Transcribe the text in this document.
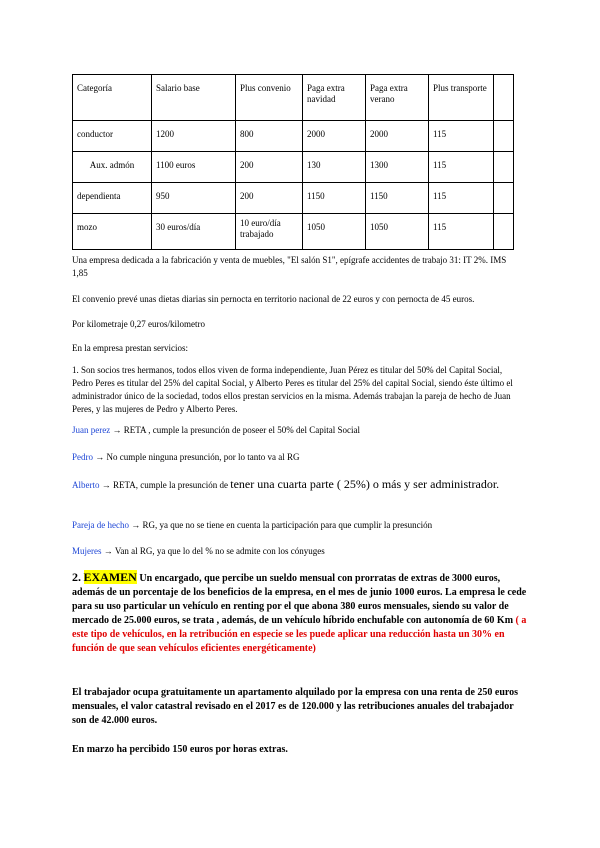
Categoría	Salario base	Plus convenio	Paga extra navidad	Paga extra verano	Plus transporte	
conductor	1200	800	2000	2000	115	
Aux. admón	1100 euros	200	130	1300	115	
dependienta	950	200	1150	1150	115	
mozo	30 euros/día	10 euro/día trabajado	1050	1050	115	
Una empresa dedicada a la fabricación y venta de muebles, "El salón S1", epígrafe accidentes de trabajo 31: IT 2%. IMS 1,85
El convenio prevé unas dietas diarias sin pernocta en territorio nacional de 22 euros y con pernocta de 45 euros.
Por kilometraje 0,27 euros/kilometro
En la empresa prestan servicios:
1. Son socios tres hermanos, todos ellos viven de forma independiente, Juan Pérez es titular del 50% del Capital Social, Pedro Peres es titular del 25% del capital Social, y Alberto Peres es titular del 25% del capital Social, siendo éste último el administrador único de la sociedad, todos ellos prestan servicios en la misma. Además trabajan la pareja de hecho de Juan Peres, y las mujeres de Pedro y Alberto Peres.
Juan perez → RETA , cumple la presunción de poseer el 50% del Capital Social
Pedro → No cumple ninguna presunción, por lo tanto va al RG
Alberto → RETA, cumple la presunción de tener una cuarta parte ( 25%) o más y ser administrador.
Pareja de hecho → RG, ya que no se tiene en cuenta la participación para que cumplir la presunción
Mujeres → Van al RG, ya que lo del % no se admite con los cónyuges
2. EXAMEN Un encargado, que percibe un sueldo mensual con prorratas de extras de 3000 euros, además de un porcentaje de los beneficios de la empresa, en el mes de junio 1000 euros. La empresa le cede para su uso particular un vehículo en renting por el que abona 380 euros mensuales, siendo su valor de mercado de 25.000 euros, se trata , además, de un vehículo híbrido enchufable con autonomía de 60 Km ( a este tipo de vehículos, en la retribución en especie se les puede aplicar una reducción hasta un 30% en función de que sean vehículos eficientes energéticamente)
El trabajador ocupa gratuitamente un apartamento alquilado por la empresa con una renta de 250 euros mensuales, el valor catastral revisado en el 2017 es de 120.000 y las retribuciones anuales del trabajador son de 42.000 euros.
En marzo ha percibido 150 euros por horas extras.
